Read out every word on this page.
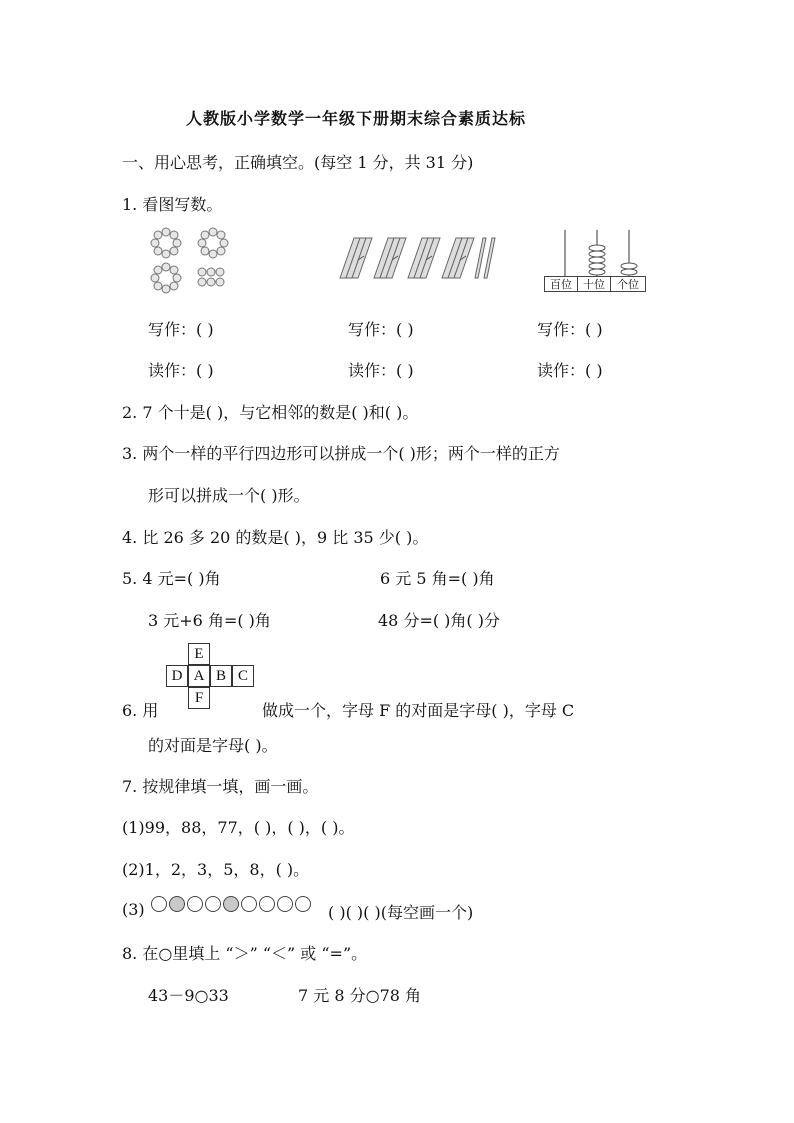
人教版小学数学一年级下册期末综合素质达标
一、用心思考，正确填空。(每空 1 分，共 31 分)
1. 看图写数。
百位	十位	个位
写作：( )	写作：( )	写作：( )
读作：( )	读作：( )	读作：( )
2. 7 个十是( )，与它相邻的数是( )和( )。
3. 两个一样的平行四边形可以拼成一个( )形；两个一样的正方
形可以拼成一个( )形。
4. 比 26 多 20 的数是( )，9 比 35 少( )。
5. 4 元=( )角	6 元 5 角=( )角
3 元+6 角=( )角	48 分=( )角( )分
E
D A B C
F
6. 用	做成一个，字母 F 的对面是字母( )，字母 C
的对面是字母( )。
7. 按规律填一填，画一画。
(1)99，88，77，( )，( )，( )。
(2)1，2，3，5，8，( )。
(3)	( )( )( )(每空画一个)
8. 在○里填上 “＞” “＜” 或 “=”。
43－9○33	7 元 8 分○78 角
